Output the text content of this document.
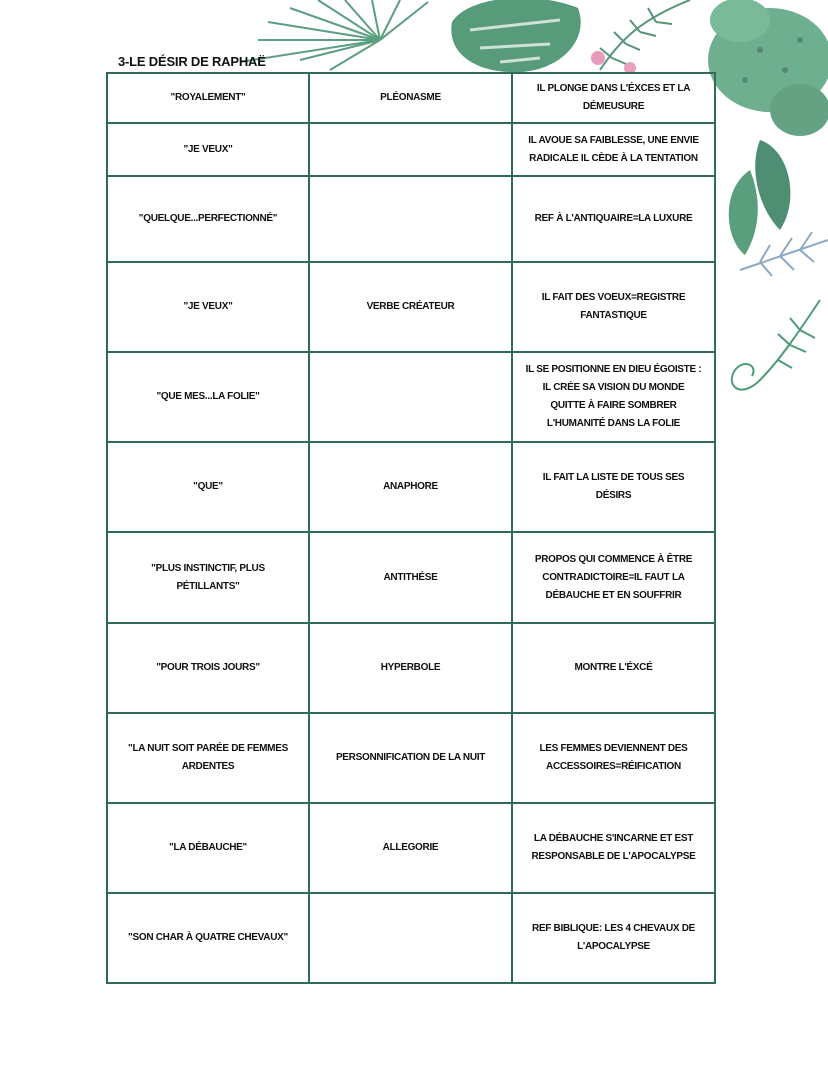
3-LE DÉSIR DE RAPHAË
"ROYALEMENT"	PLÉONASME	IL PLONGE DANS L'ÉXCES ET LA DÉMEUSURE
"JE VEUX"		IL AVOUE SA FAIBLESSE, UNE ENVIE RADICALE IL CÈDE À LA TENTATION
"QUELQUE...PERFECTIONNÉ"		REF À L'ANTIQUAIRE=LA LUXURE
"JE VEUX"	VERBE CRÉATEUR	IL FAIT DES VOEUX=REGISTRE FANTASTIQUE
"QUE MES...LA FOLIE"		IL SE POSITIONNE EN DIEU ÉGOISTE : IL CRÉE SA VISION DU MONDE QUITTE À FAIRE SOMBRER L'HUMANITÉ DANS LA FOLIE
"QUE"	ANAPHORE	IL FAIT LA LISTE DE TOUS SES DÉSIRS
"PLUS INSTINCTIF, PLUS PÉTILLANTS"	ANTITHÉSE	PROPOS QUI COMMENCE À ÊTRE CONTRADICTOIRE=IL FAUT LA DÉBAUCHE ET EN SOUFFRIR
"POUR TROIS JOURS"	HYPERBOLE	MONTRE L'ÉXCÉ
"LA NUIT SOIT PARÉE DE FEMMES ARDENTES	PERSONNIFICATION DE LA NUIT	LES FEMMES DEVIENNENT DES ACCESSOIRES=RÉIFICATION
"LA DÉBAUCHE"	ALLEGORIE	LA DÉBAUCHE S'INCARNE ET EST RESPONSABLE DE L'APOCALYPSE
"SON CHAR À QUATRE CHEVAUX"		REF BIBLIQUE: LES 4 CHEVAUX DE L'APOCALYPSE
